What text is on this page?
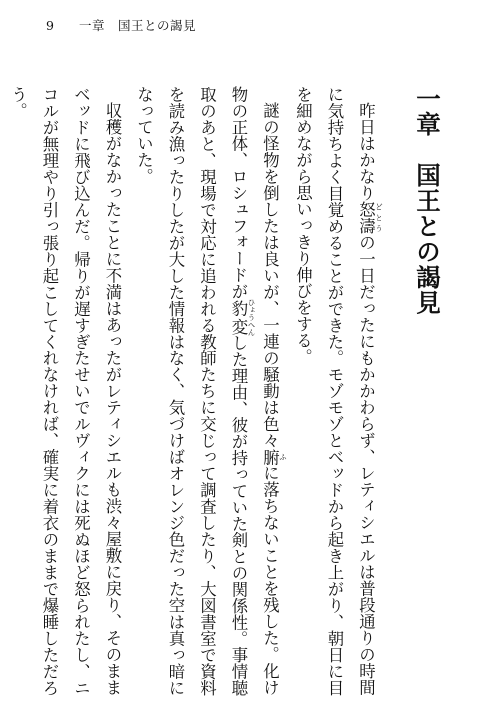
9 一章　国王との謁見
一章　国王との謁見

昨日はかなり怒濤 どとうの一日だったにもかかわらず、レティシエルは普段通りの時間に気持ちよく目覚めることができた。モゾモゾとベッドから起き上がり、朝日に目を細めながら思いっきり伸びをする。

謎の怪物を倒したは良いが、一連の騒動は色々腑 ふに落ちないことを残した。化け物の正体、ロシュフォードが豹変 ひょうへんした理由、彼が持っていた剣との関係性。事情聴取のあと、現場で対応に追われる教師たちに交じって調査したり、大図書室で資料を読み漁ったりしたが大した情報はなく、気づけばオレンジ色だった空は真っ暗になっていた。

収穫がなかったことに不満はあったがレティシエルも渋々屋敷に戻り、そのままベッドに飛び込んだ。帰りが遅すぎたせいでルヴィクには死ぬほど怒られたし、ニコルが無理やり引っ張り起こしてくれなければ、確実に着衣のままで爆睡しただろう。
